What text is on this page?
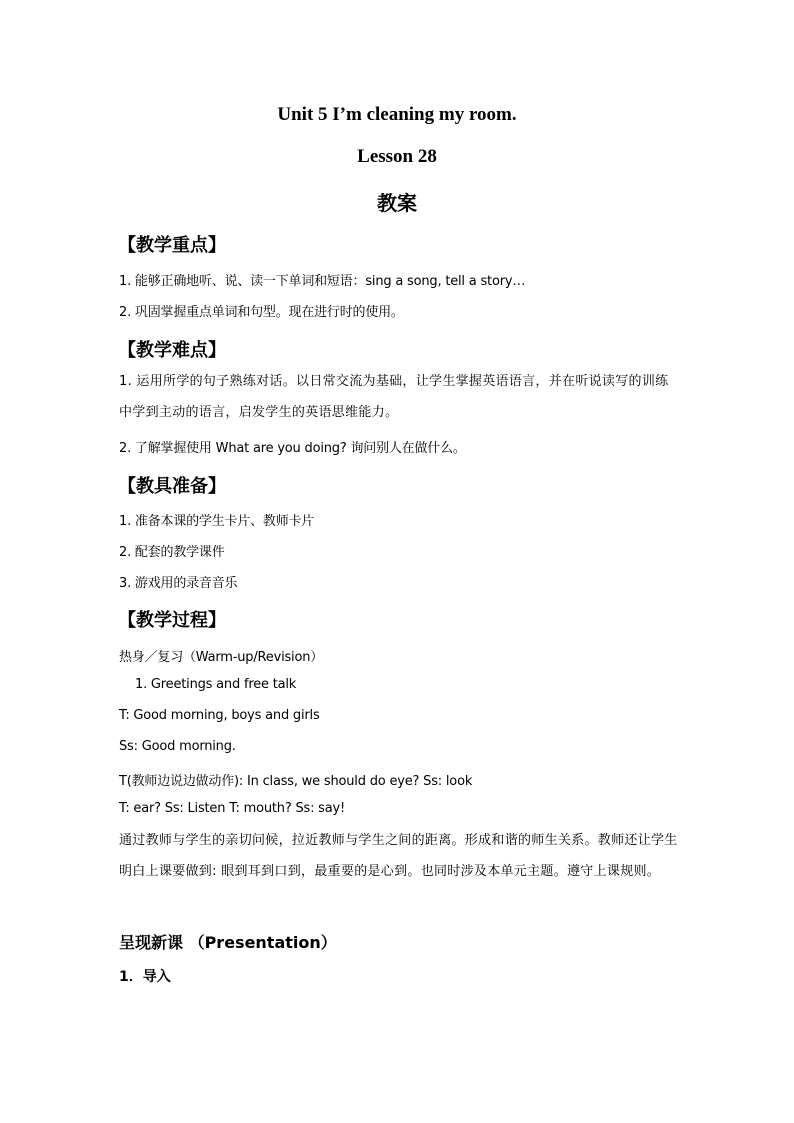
Unit 5 I’m cleaning my room.
Lesson 28
教案
【教学重点】
1. 能够正确地听、说、读一下单词和短语：sing a song, tell a story…
2. 巩固掌握重点单词和句型。现在进行时的使用。
【教学难点】
1. 运用所学的句子熟练对话。以日常交流为基础，让学生掌握英语语言，并在听说读写的训练中学到主动的语言，启发学生的英语思维能力。
2. 了解掌握使用 What are you doing? 询问别人在做什么。
【教具准备】
1. 准备本课的学生卡片、教师卡片
2. 配套的教学课件
3. 游戏用的录音音乐
【教学过程】
热身／复习（Warm-up/Revision）
1. Greetings and free talk
T: Good morning, boys and girls
Ss: Good morning.
T(教师边说边做动作): In class, we should do eye? Ss: look
T: ear? Ss: Listen T: mouth? Ss: say!
通过教师与学生的亲切问候，拉近教师与学生之间的距离。形成和谐的师生关系。教师还让学生明白上课要做到: 眼到耳到口到，最重要的是心到。也同时涉及本单元主题。遵守上课规则。
呈现新课 （Presentation）
1．导入
